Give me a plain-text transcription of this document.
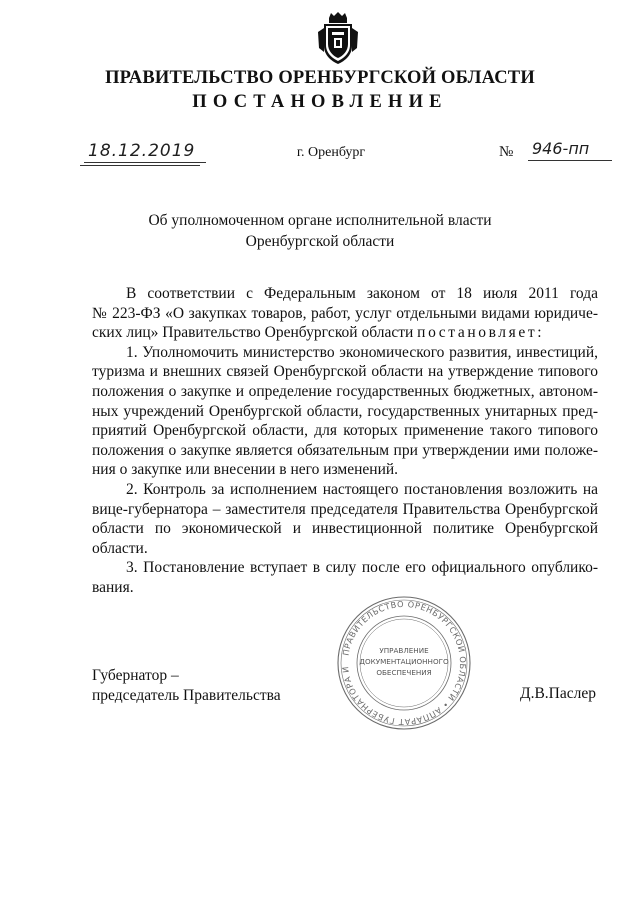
ПРАВИТЕЛЬСТВО ОРЕНБУРГСКОЙ ОБЛАСТИ
ПОСТАНОВЛЕНИЕ
18.12.2019	г. Оренбург	№ 946-пп
Об уполномоченном органе исполнительной власти
Оренбургской области
В соответствии с Федеральным законом от 18 июля 2011 года
№ 223-ФЗ «О закупках товаров, работ, услуг отдельными видами юридиче-
ских лиц» Правительство Оренбургской области постановляет:
1. Уполномочить министерство экономического развития, инвестиций,
туризма и внешних связей Оренбургской области на утверждение типового
положения о закупке и определение государственных бюджетных, автоном-
ных учреждений Оренбургской области, государственных унитарных пред-
приятий Оренбургской области, для которых применение такого типового
положения о закупке является обязательным при утверждении ими положе-
ния о закупке или внесении в него изменений.
2. Контроль за исполнением настоящего постановления возложить на
вице-губернатора – заместителя председателя Правительства Оренбургской
области по экономической и инвестиционной политике Оренбургской
области.
3. Постановление вступает в силу после его официального опублико-
вания.
ПРАВИТЕЛЬСТВО ОРЕНБУРГСКОЙ ОБЛАСТИ • АППАРАТ ГУБЕРНАТОРА И
УПРАВЛЕНИЕ
ДОКУМЕНТАЦИОННОГО
ОБЕСПЕЧЕНИЯ
Губернатор –
председатель Правительства	Д.В.Паслер
